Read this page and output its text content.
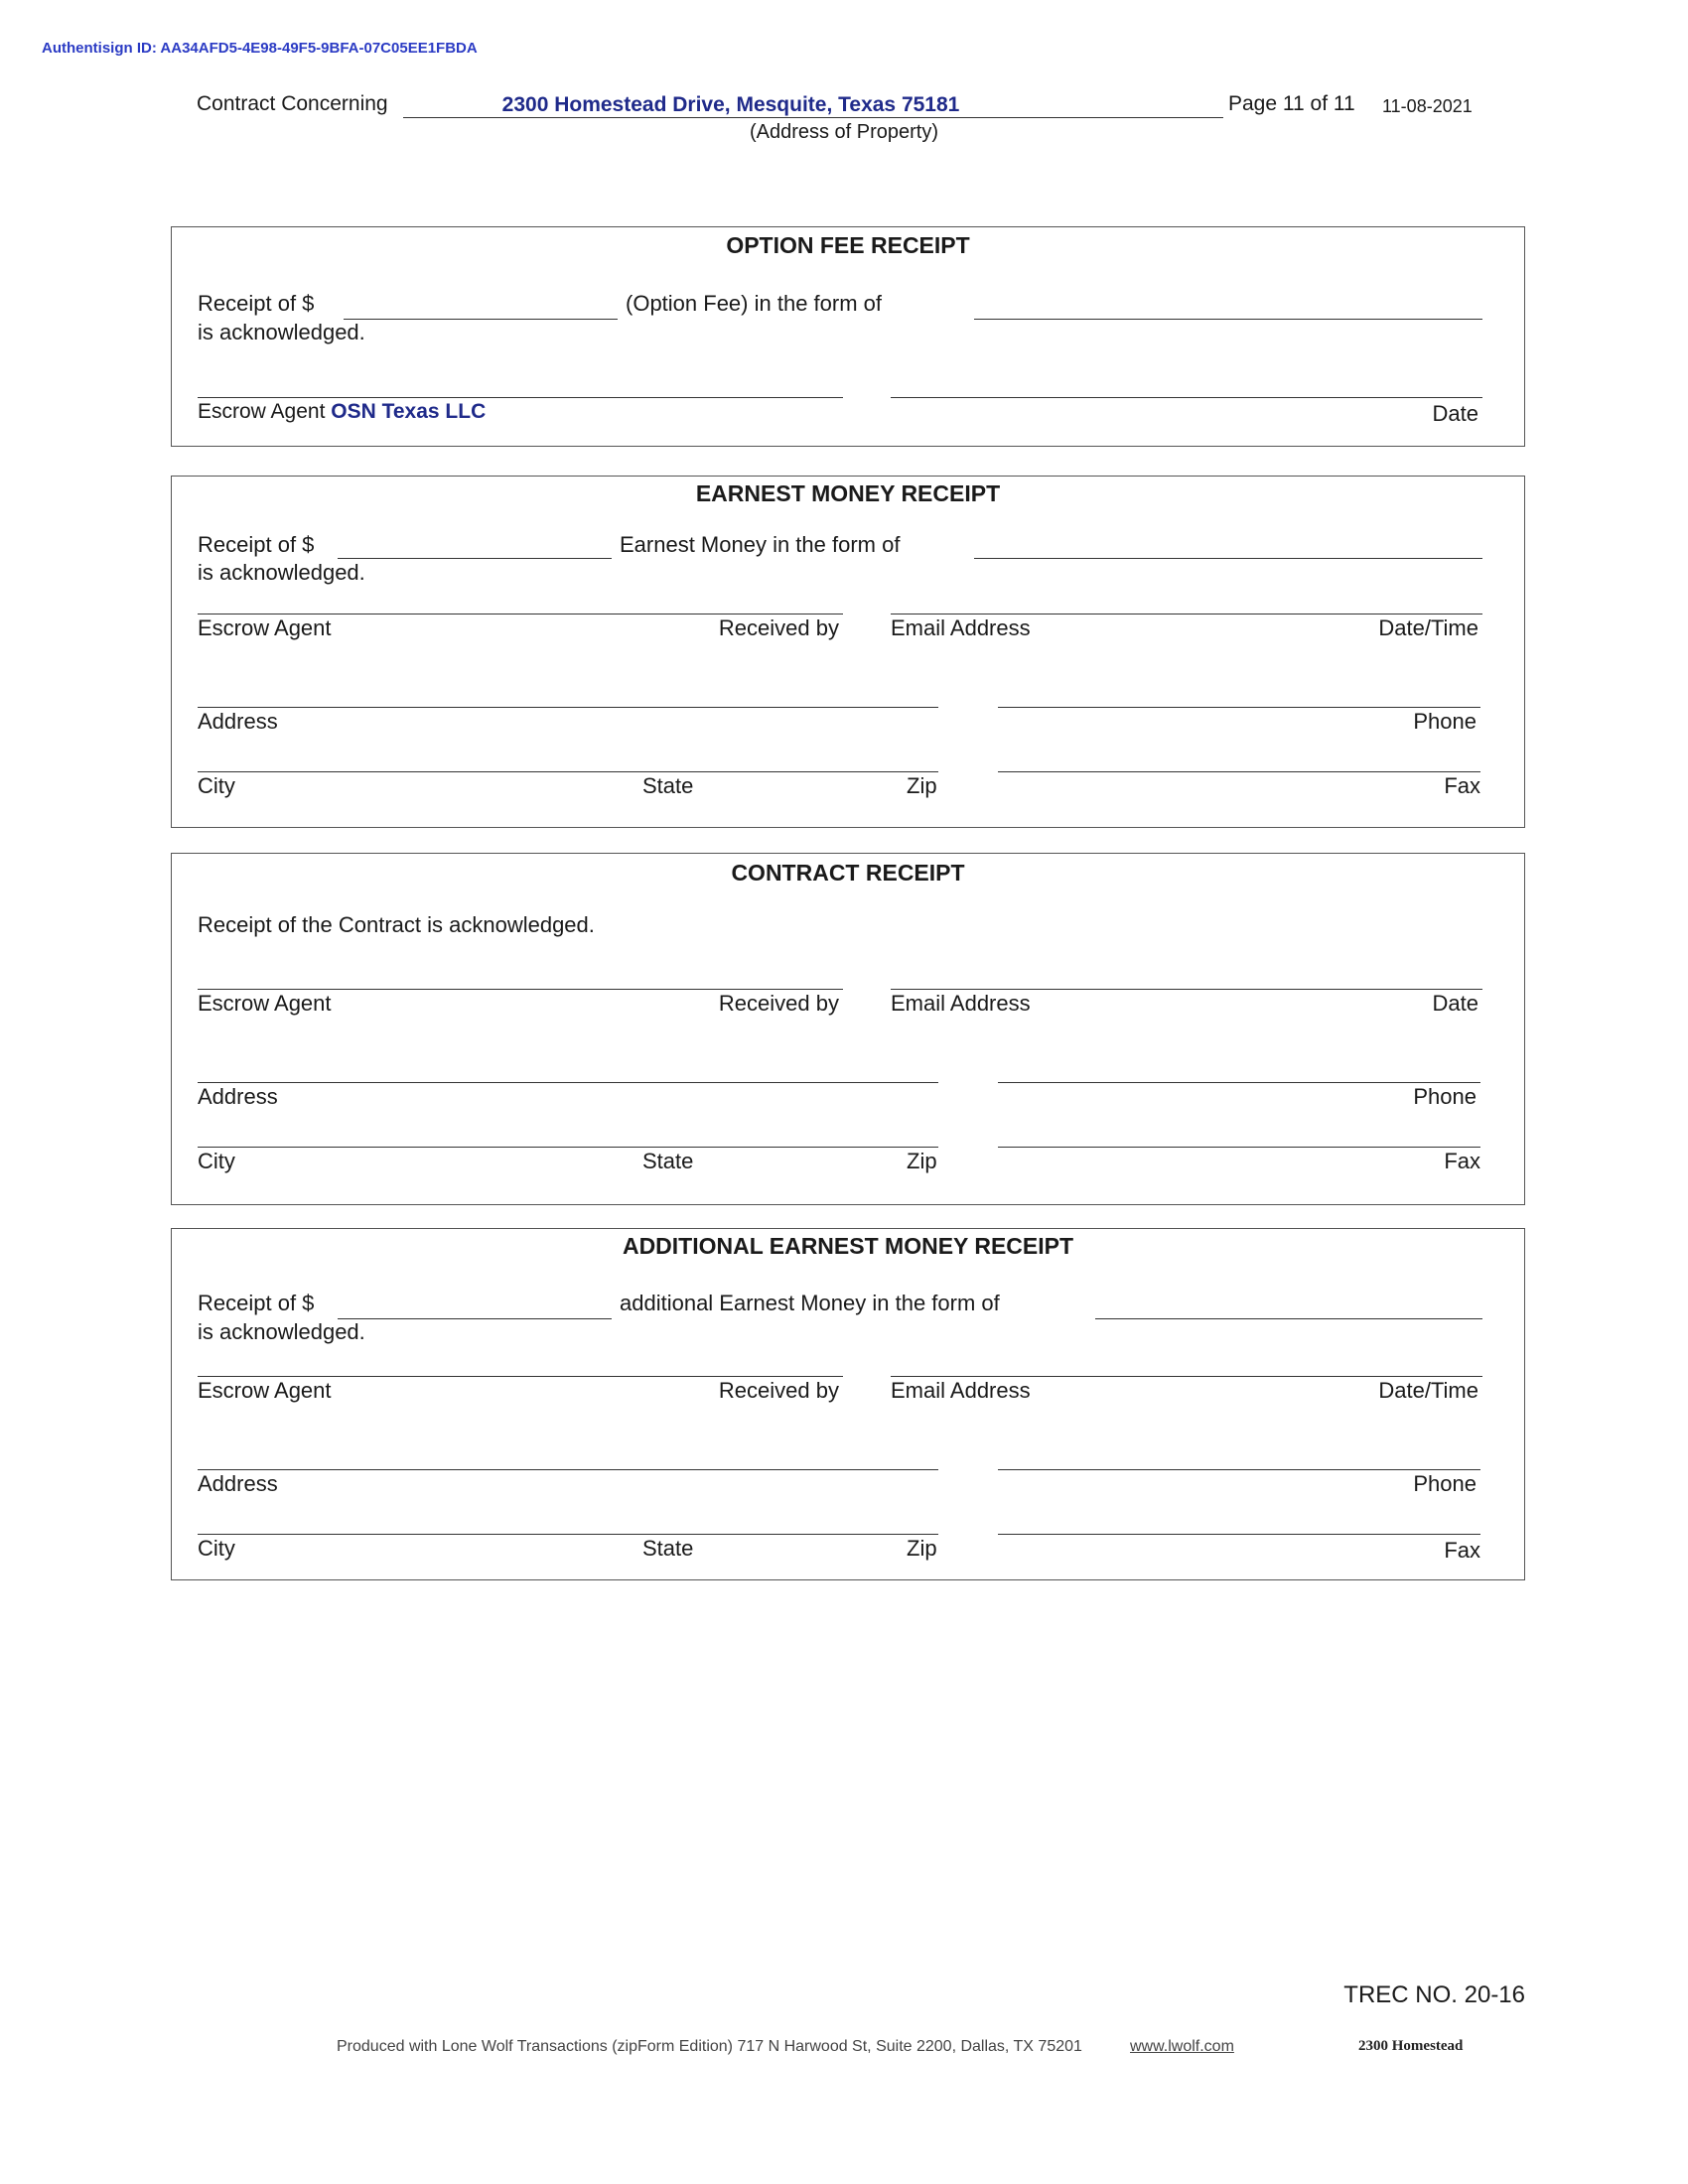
Authentisign ID: AA34AFD5-4E98-49F5-9BFA-07C05EE1FBDA
Contract Concerning	2300 Homestead Drive, Mesquite, Texas 75181
(Address of Property)
Page 11 of 11 11-08-2021
OPTION FEE RECEIPT
Receipt of $	(Option Fee) in the form of
is acknowledged.
Escrow Agent OSN Texas LLC	Date
EARNEST MONEY RECEIPT
Receipt of $	Earnest Money in the form of
is acknowledged.
Escrow Agent	Received by Email Address	Date/Time
Address	Phone
City	State	Zip	Fax
CONTRACT RECEIPT
Receipt of the Contract is acknowledged.
Escrow Agent	Received by Email Address	Date
Address	Phone
City	State	Zip	Fax
ADDITIONAL EARNEST MONEY RECEIPT
Receipt of $	additional Earnest Money in the form of
is acknowledged.
Escrow Agent	Received by Email Address	Date/Time
Address	Phone
City	State	Zip	Fax
TREC NO. 20-16
Produced with Lone Wolf Transactions (zipForm Edition) 717 N Harwood St, Suite 2200, Dallas, TX 75201	www.lwolf.com	2300 Homestead
